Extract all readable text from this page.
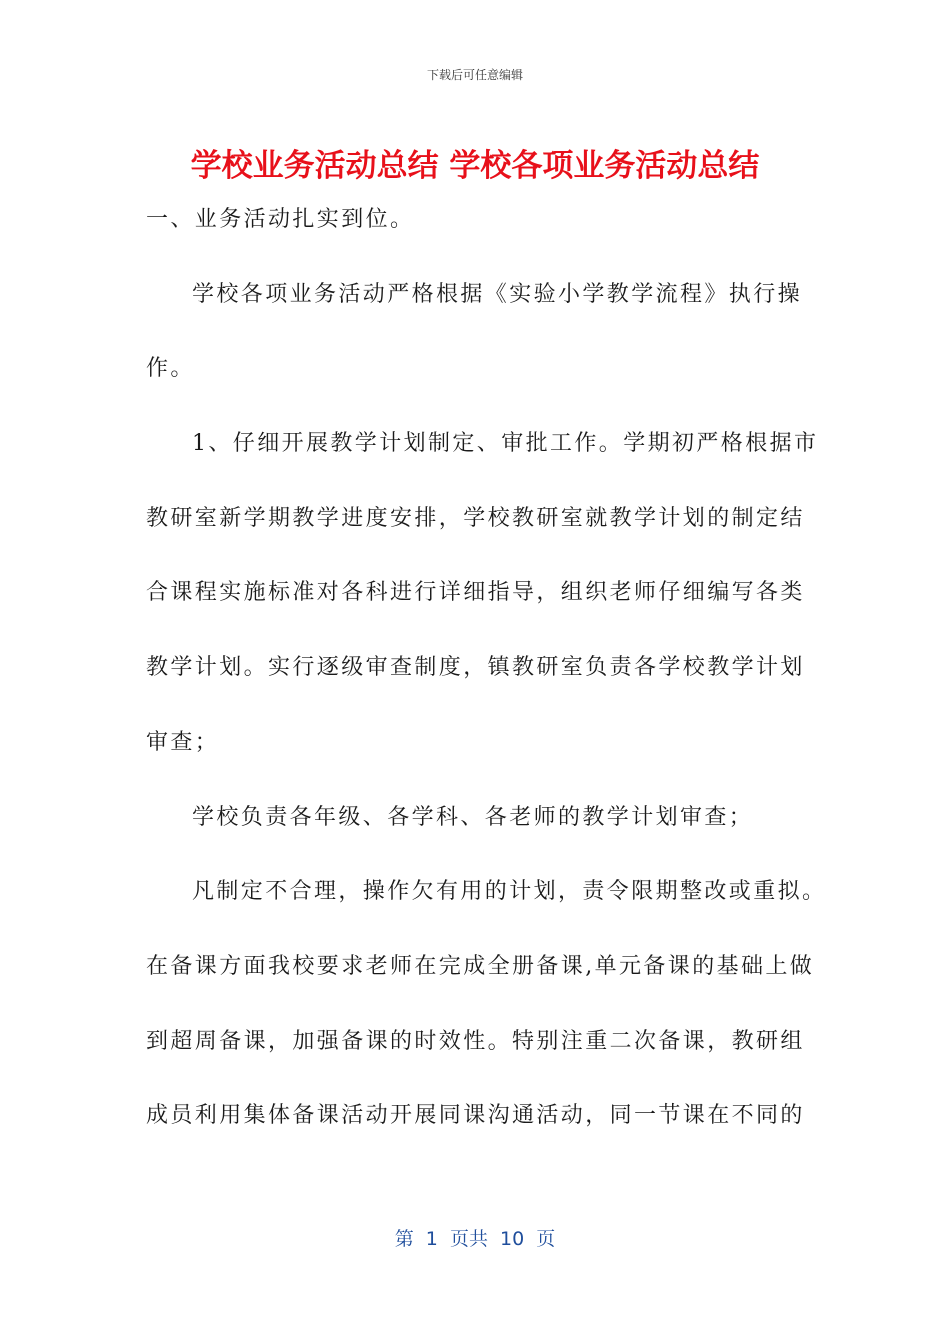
下载后可任意编辑
学校业务活动总结 学校各项业务活动总结
一、业务活动扎实到位。
学校各项业务活动严格根据《实验小学教学流程》执行操
作。
1、仔细开展教学计划制定、审批工作。学期初严格根据市
教研室新学期教学进度安排，学校教研室就教学计划的制定结
合课程实施标准对各科进行详细指导，组织老师仔细编写各类
教学计划。实行逐级审查制度，镇教研室负责各学校教学计划
审查；
学校负责各年级、各学科、各老师的教学计划审查；
凡制定不合理，操作欠有用的计划，责令限期整改或重拟。
在备课方面我校要求老师在完成全册备课,单元备课的基础上做
到超周备课，加强备课的时效性。特别注重二次备课，教研组
成员利用集体备课活动开展同课沟通活动，同一节课在不同的
第  1  页共  10  页
